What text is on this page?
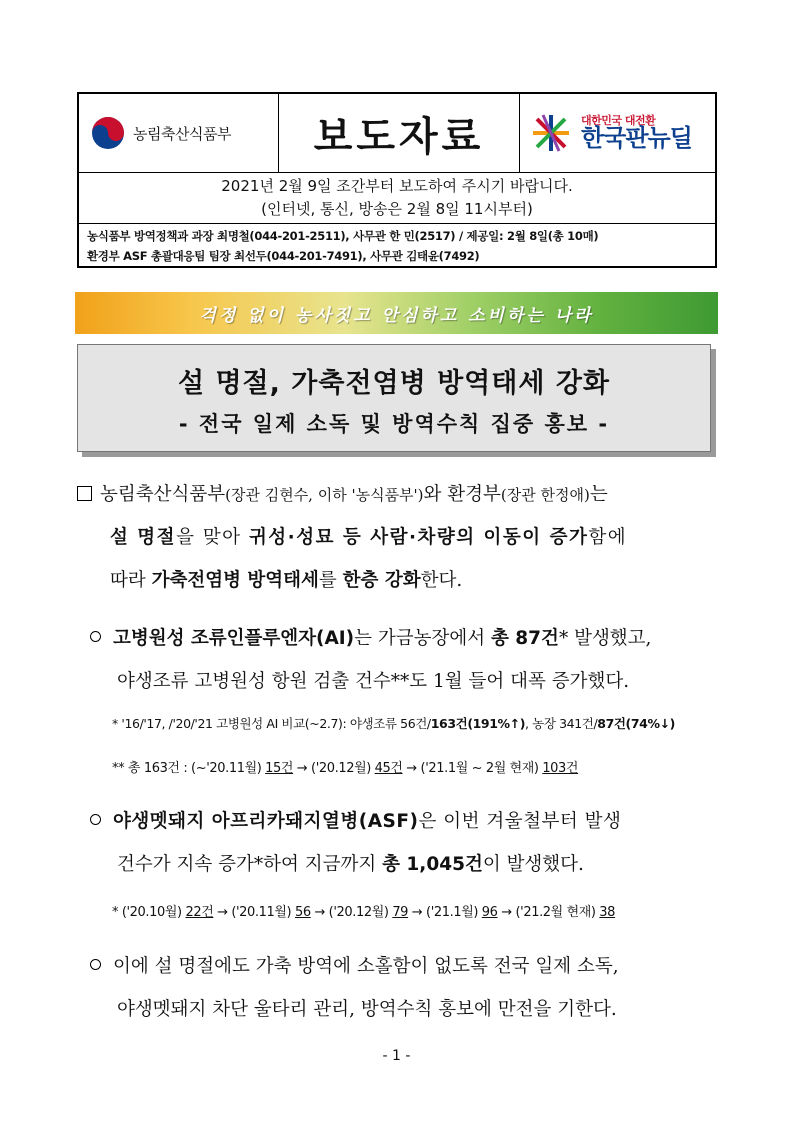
농림축산식품부	보도자료	대한민국 대전환
한국판뉴딜
2021년 2월 9일 조간부터 보도하여 주시기 바랍니다.
(인터넷, 통신, 방송은 2월 8일 11시부터)
농식품부 방역정책과 과장 최명철(044-201-2511), 사무관 한 민(2517) / 제공일: 2월 8일(총 10매)
환경부 ASF 총괄대응팀 팀장 최선두(044-201-7491), 사무관 김태윤(7492)
걱정 없이 농사짓고 안심하고 소비하는 나라
설 명절, 가축전염병 방역태세 강화
- 전국 일제 소독 및 방역수칙 집중 홍보 -
농림축산식품부(장관 김현수, 이하 '농식품부')와 환경부(장관 한정애)는
설 명절을 맞아 귀성·성묘 등 사람·차량의 이동이 증가함에
따라 가축전염병 방역태세를 한층 강화한다.
고병원성 조류인플루엔자(AI)는 가금농장에서 총 87건* 발생했고,
야생조류 고병원성 항원 검출 건수**도 1월 들어 대폭 증가했다.
* '16/'17, /'20/'21 고병원성 AI 비교(~2.7): 야생조류 56건/163건(191%↑), 농장 341건/87건(74%↓)
** 총 163건 : (~'20.11월) 15건 → ('20.12월) 45건 → ('21.1월 ~ 2월 현재) 103건
야생멧돼지 아프리카돼지열병(ASF)은 이번 겨울철부터 발생
건수가 지속 증가*하여 지금까지 총 1,045건이 발생했다.
* ('20.10월) 22건 → ('20.11월) 56 → ('20.12월) 79 → ('21.1월) 96 → ('21.2월 현재) 38
이에 설 명절에도 가축 방역에 소홀함이 없도록 전국 일제 소독,
야생멧돼지 차단 울타리 관리, 방역수칙 홍보에 만전을 기한다.
- 1 -
